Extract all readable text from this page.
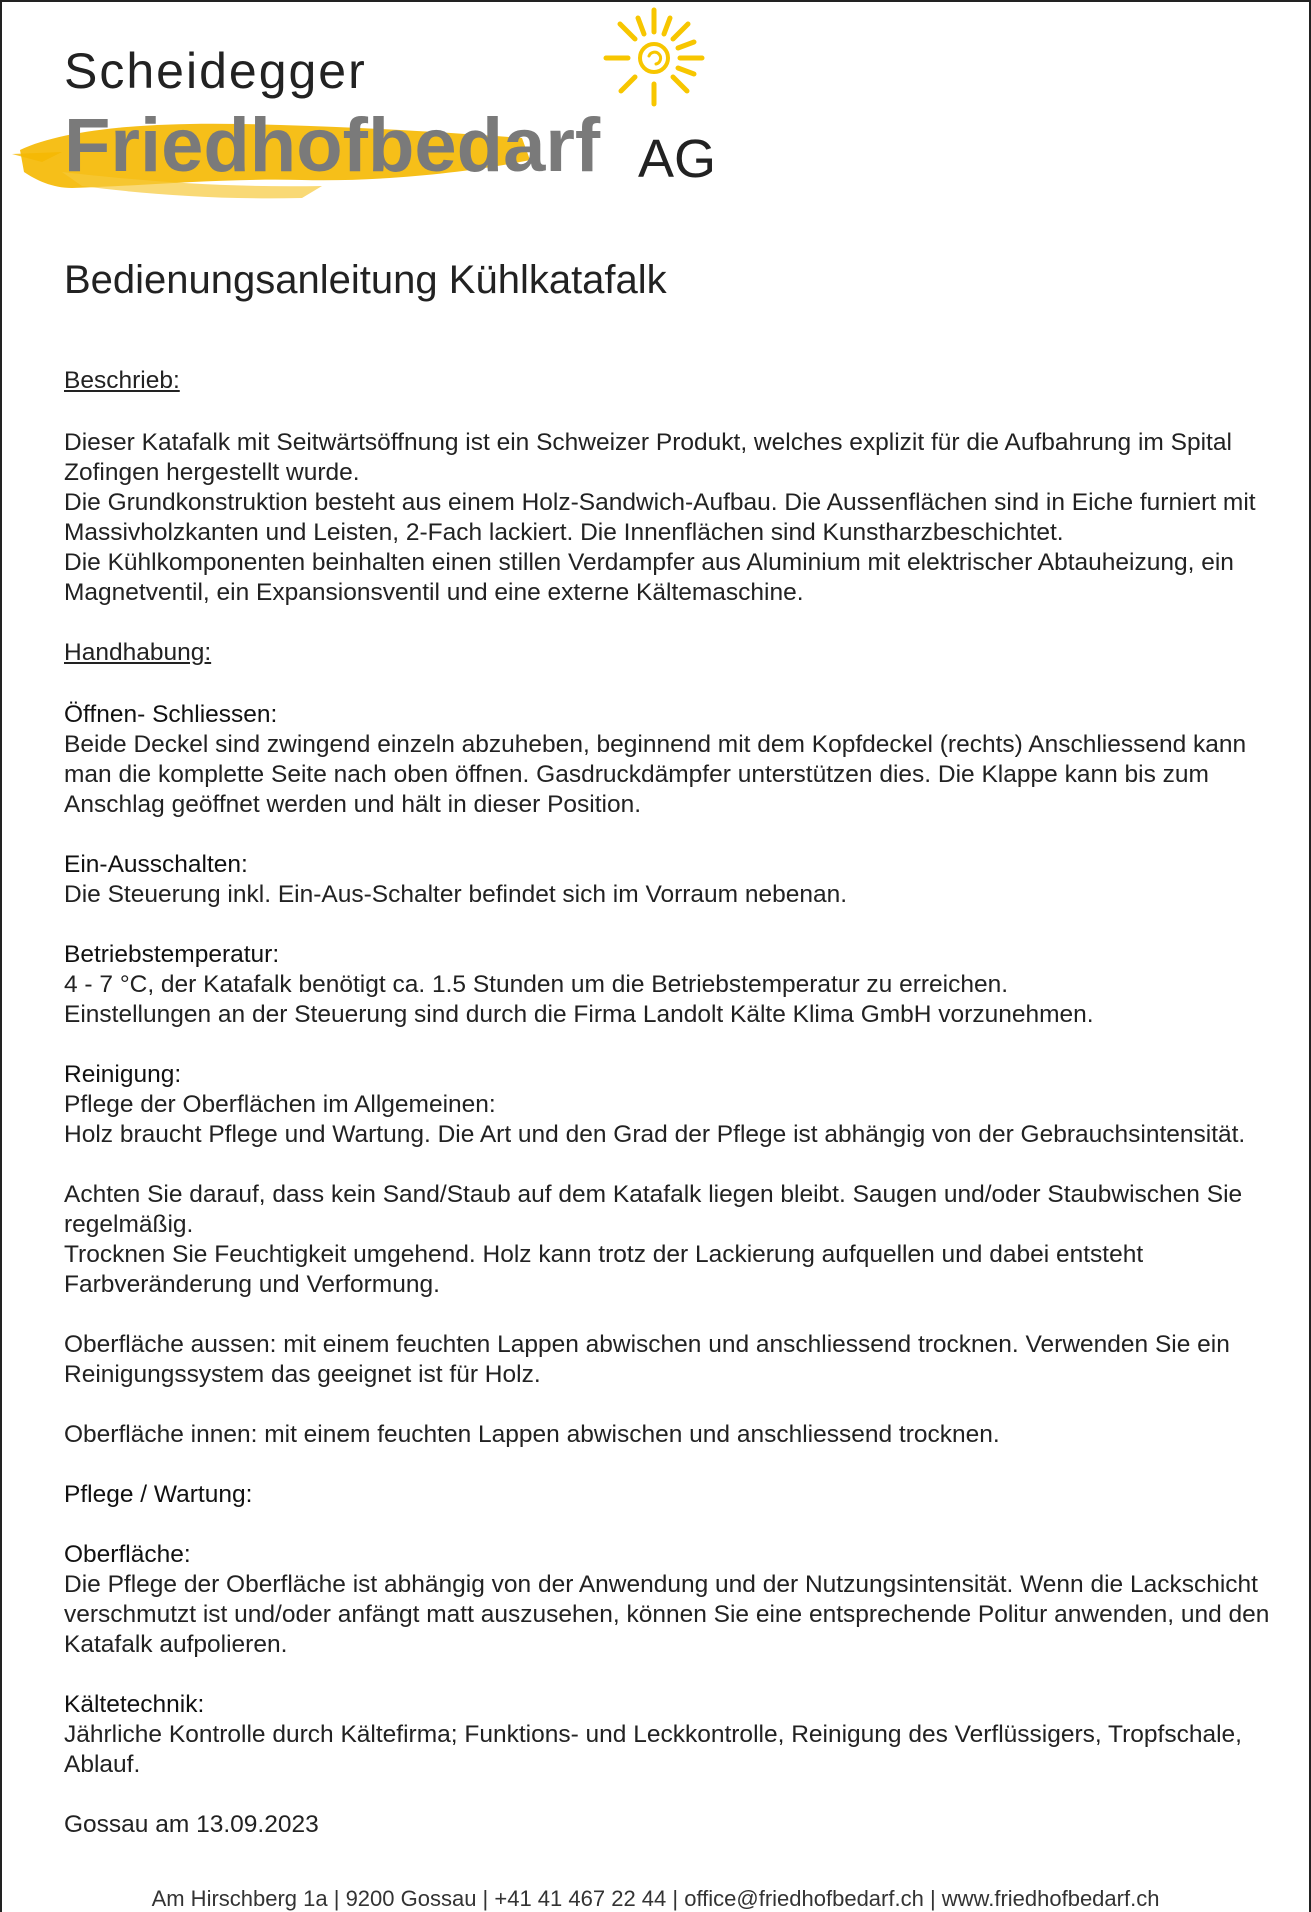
Scheidegger
Friedhofbedarf AG
Bedienungsanleitung Kühlkatafalk

Beschrieb:

Dieser Katafalk mit Seitwärtsöffnung ist ein Schweizer Produkt, welches explizit für die Aufbahrung im Spital Zofingen hergestellt wurde.

Die Grundkonstruktion besteht aus einem Holz-Sandwich-Aufbau. Die Aussenflächen sind in Eiche furniert mit Massivholzkanten und Leisten, 2-Fach lackiert. Die Innenflächen sind Kunstharzbeschichtet.

Die Kühlkomponenten beinhalten einen stillen Verdampfer aus Aluminium mit elektrischer Abtauheizung, ein Magnetventil, ein Expansionsventil und eine externe Kältemaschine.

Handhabung:

Öffnen- Schliessen:

Beide Deckel sind zwingend einzeln abzuheben, beginnend mit dem Kopfdeckel (rechts) Anschliessend kann man die komplette Seite nach oben öffnen. Gasdruckdämpfer unterstützen dies. Die Klappe kann bis zum Anschlag geöffnet werden und hält in dieser Position.

Ein-Ausschalten:

Die Steuerung inkl. Ein-Aus-Schalter befindet sich im Vorraum nebenan.

Betriebstemperatur:

4 - 7 °C, der Katafalk benötigt ca. 1.5 Stunden um die Betriebstemperatur zu erreichen.

Einstellungen an der Steuerung sind durch die Firma Landolt Kälte Klima GmbH vorzunehmen.

Reinigung:

Pflege der Oberflächen im Allgemeinen:

Holz braucht Pflege und Wartung. Die Art und den Grad der Pflege ist abhängig von der Gebrauchsintensität.

Achten Sie darauf, dass kein Sand/Staub auf dem Katafalk liegen bleibt. Saugen und/oder Staubwischen Sie regelmäßig.

Trocknen Sie Feuchtigkeit umgehend. Holz kann trotz der Lackierung aufquellen und dabei entsteht Farbveränderung und Verformung.

Oberfläche aussen: mit einem feuchten Lappen abwischen und anschliessend trocknen. Verwenden Sie ein Reinigungssystem das geeignet ist für Holz.

Oberfläche innen: mit einem feuchten Lappen abwischen und anschliessend trocknen.

Pflege / Wartung:

Oberfläche:

Die Pflege der Oberfläche ist abhängig von der Anwendung und der Nutzungsintensität. Wenn die Lackschicht verschmutzt ist und/oder anfängt matt auszusehen, können Sie eine entsprechende Politur anwenden, und den Katafalk aufpolieren.

Kältetechnik:

Jährliche Kontrolle durch Kältefirma; Funktions- und Leckkontrolle, Reinigung des Verflüssigers, Tropfschale, Ablauf.

Gossau am 13.09.2023

Am Hirschberg 1a | 9200 Gossau | +41 41 467 22 44 | office@friedhofbedarf.ch | www.friedhofbedarf.ch
